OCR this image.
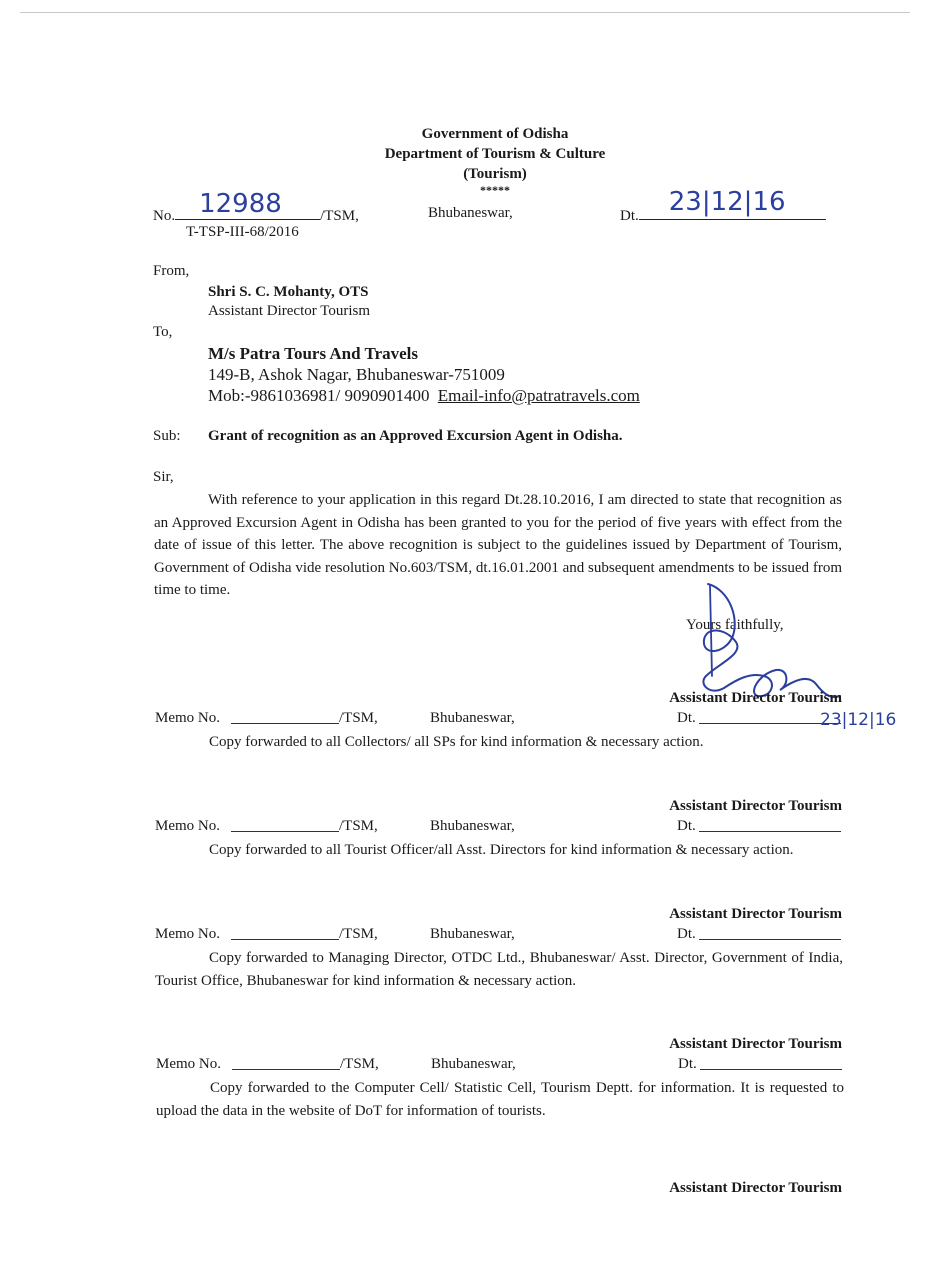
Government of Odisha
Department of Tourism & Culture
(Tourism)
*****
No. 12988	/TSM,	Bhubaneswar,	Dt. 23|12|16
T-TSP-III-68/2016
From,
Shri S. C. Mohanty, OTS
Assistant Director Tourism
To,
M/s Patra Tours And Travels
149-B, Ashok Nagar, Bhubaneswar-751009
Mob:-9861036981/ 9090901400 Email-info@patratravels.com
Sub: Grant of recognition as an Approved Excursion Agent in Odisha.
Sir,
With reference to your application in this regard Dt.28.10.2016, I am directed to state that recognition as an Approved Excursion Agent in Odisha has been granted to you for the period of five years with effect from the date of issue of this letter. The above recognition is subject to the guidelines issued by Department of Tourism, Government of Odisha vide resolution No.603/TSM, dt.16.01.2001 and subsequent amendments to be issued from time to time.
Yours faithfully,
Assistant Director Tourism
Memo No.	/TSM,	Bhubaneswar,	Dt.	23|12|16
Copy forwarded to all Collectors/ all SPs for kind information & necessary action.
Assistant Director Tourism
Memo No.	/TSM,	Bhubaneswar,	Dt.
Copy forwarded to all Tourist Officer/all Asst. Directors for kind information & necessary action.
Assistant Director Tourism
Memo No.	/TSM,	Bhubaneswar,	Dt.
Copy forwarded to Managing Director, OTDC Ltd., Bhubaneswar/ Asst. Director, Government of India, Tourist Office, Bhubaneswar for kind information & necessary action.
Assistant Director Tourism
Memo No.	/TSM,	Bhubaneswar,	Dt.
Copy forwarded to the Computer Cell/ Statistic Cell, Tourism Deptt. for information. It is requested to upload the data in the website of DoT for information of tourists.
Assistant Director Tourism
